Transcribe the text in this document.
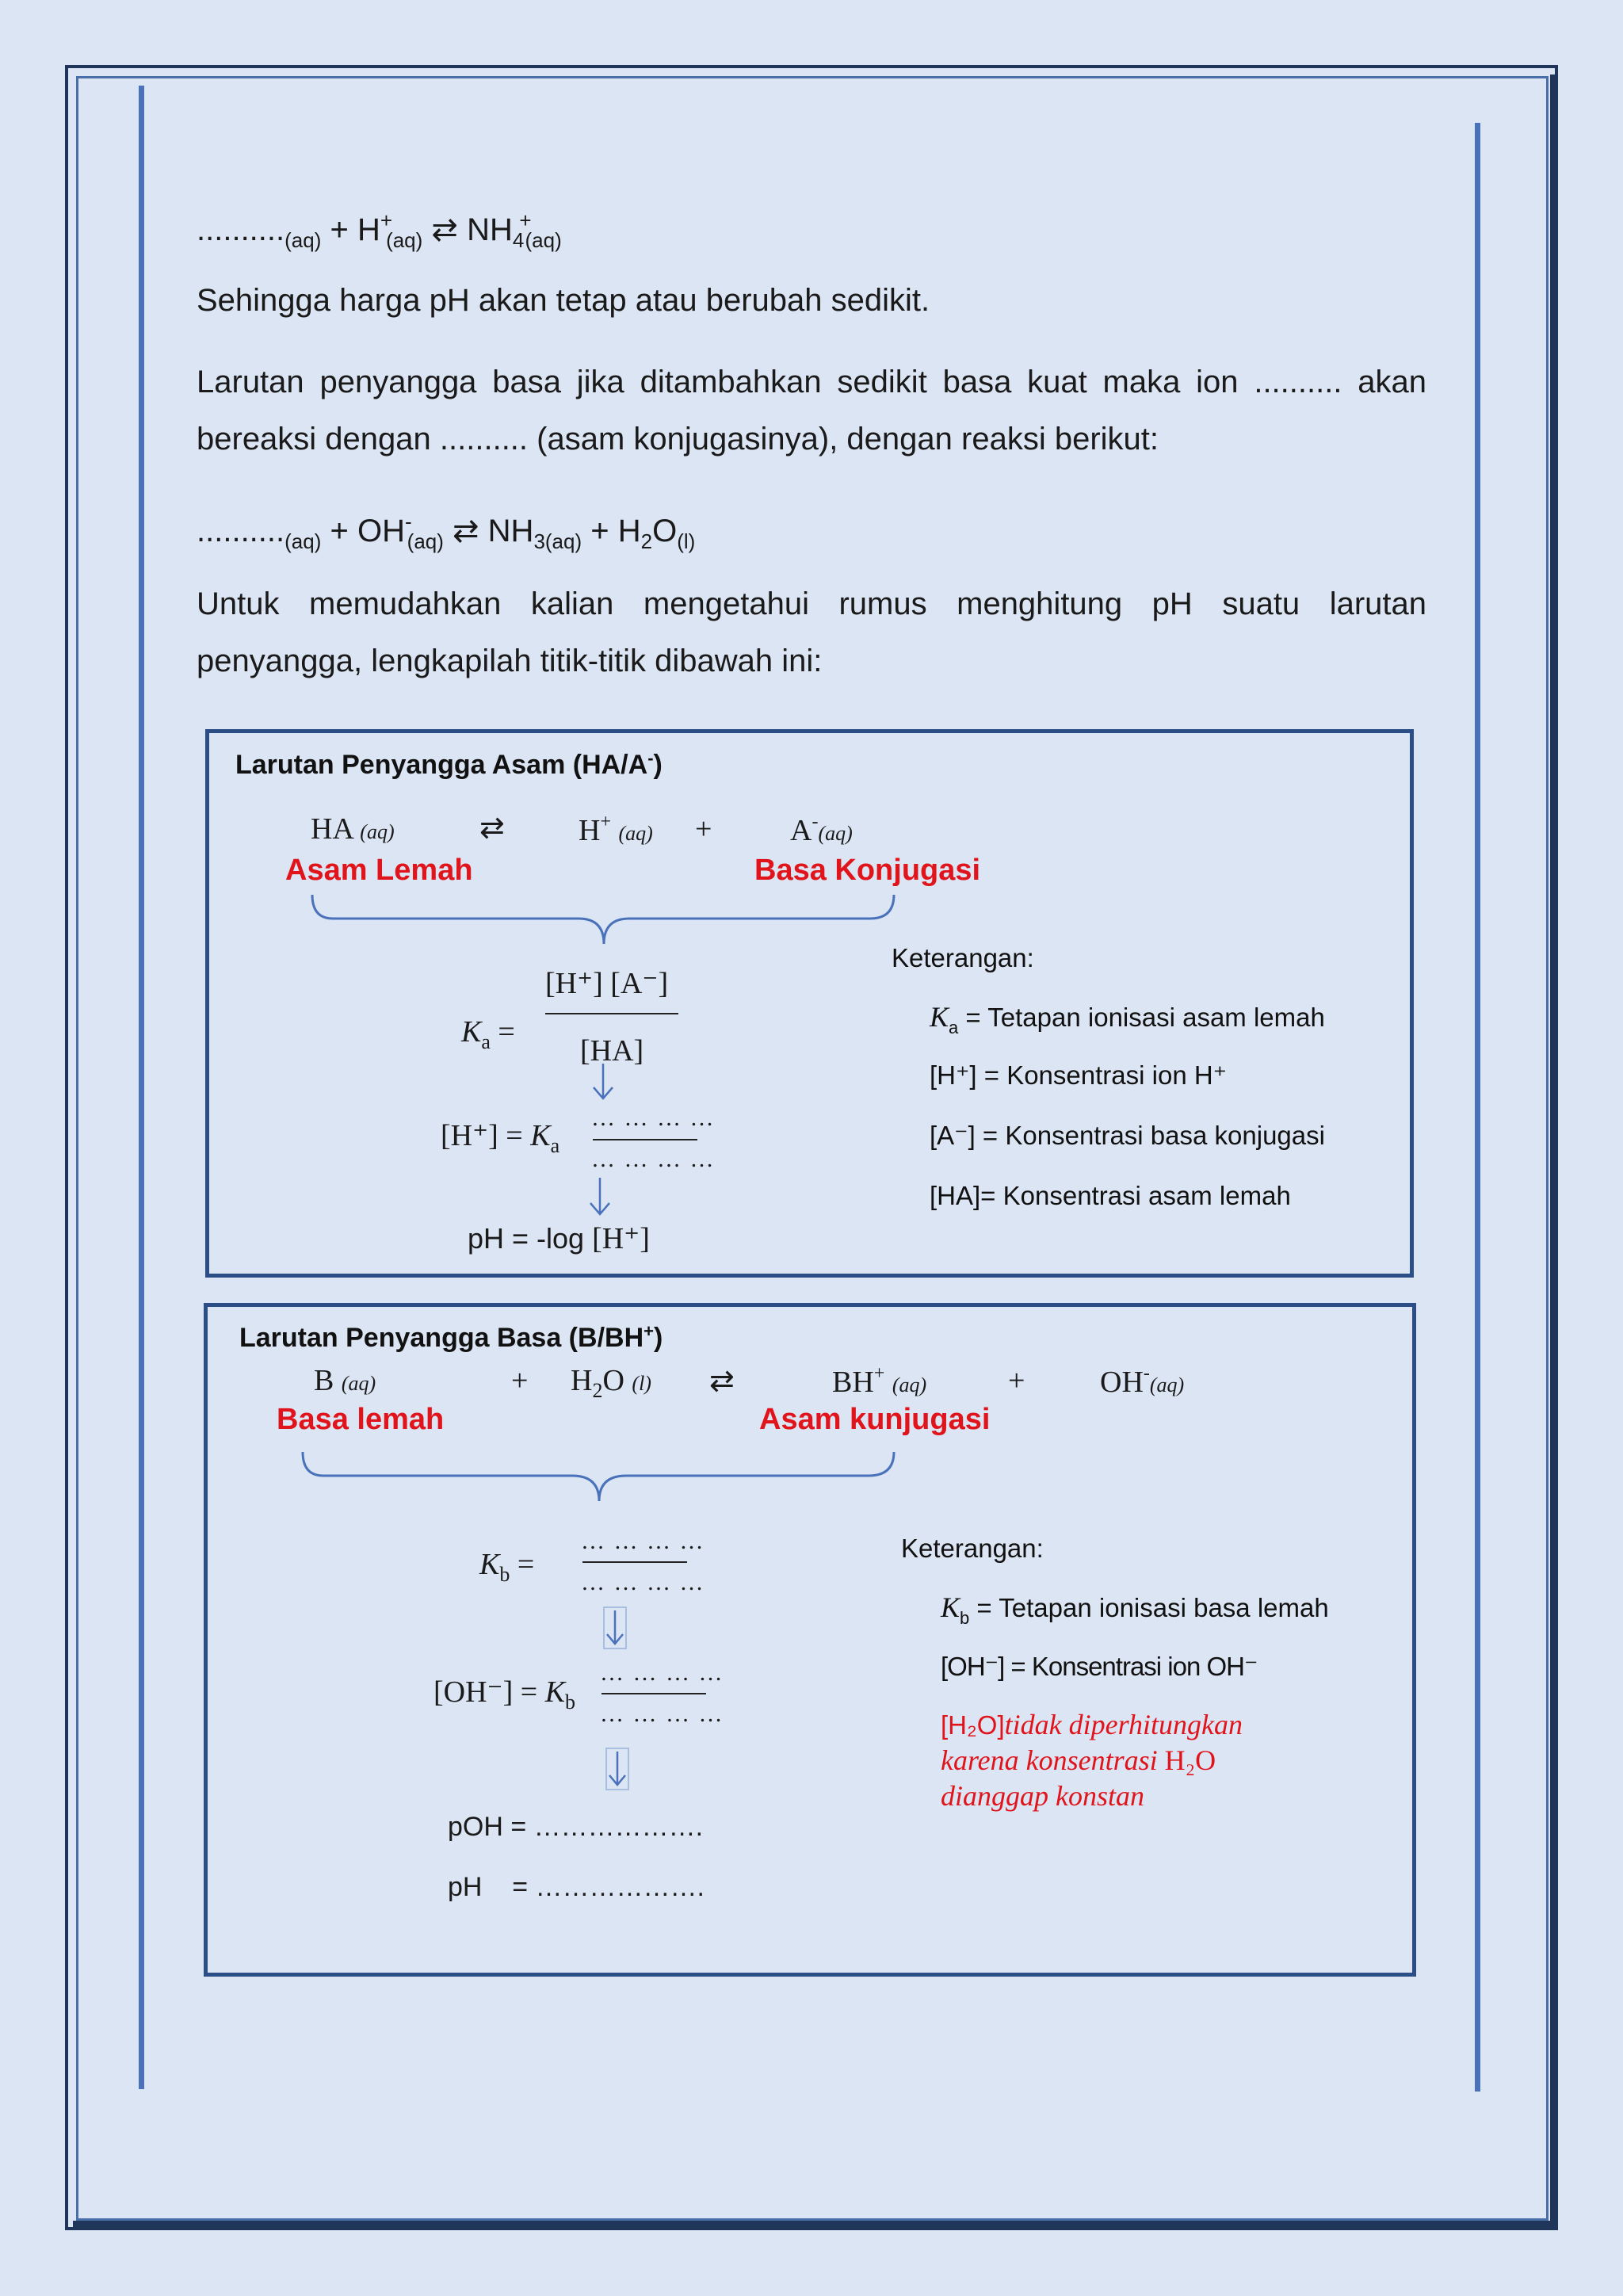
$.........._{(aq)} + H^+_{(aq)}$ ⇄ $NH_4^+_{(aq)}$
Sehingga harga pH akan tetap atau berubah sedikit.
Larutan penyangga basa jika ditambahkan sedikit basa kuat maka ion .......... akan
bereaksi dengan .......... (asam konjugasinya), dengan reaksi berikut:
$.........._{(aq)} + OH^-_{(aq)}$ ⇄ $NH_{3(aq)} + H_2O_{(l)}$
Untuk memudahkan kalian mengetahui rumus menghitung pH suatu larutan
penyangga, lengkapilah titik-titik dibawah ini:
Larutan Penyangga Asam (HA/A-)
HA (aq)	⇄ H+ (aq) +	A-(aq)
Asam Lemah	Basa Konjugasi
$K_a$ =
[H⁺] [A⁻]
[HA]
$[H^+] = K_a$
… … … …
… … … …
pH = -log [H⁺]
Keterangan:
$K_a$ = Tetapan ionisasi asam lemah
[H⁺] = Konsentrasi ion H⁺
[A⁻] = Konsentrasi basa konjugasi
[HA]= Konsentrasi asam lemah
Larutan Penyangga Basa (B/BH+)
B (aq)	+ $H_2O$ (l) ⇄	BH+ (aq)	+ OH-(aq)
Basa lemah	Asam kunjugasi
$K_b$ =
… … … …
… … … …
$[OH^-] = K_b$
… … … …
… … … …
pOH = ……………….
pH    = ……………….
Keterangan:
$K_b$ = Tetapan ionisasi basa lemah
[OH⁻] = Konsentrasi ion OH⁻
[H₂O]tidak diperhitungkan
karena konsentrasi H₂O
dianggap konstan
